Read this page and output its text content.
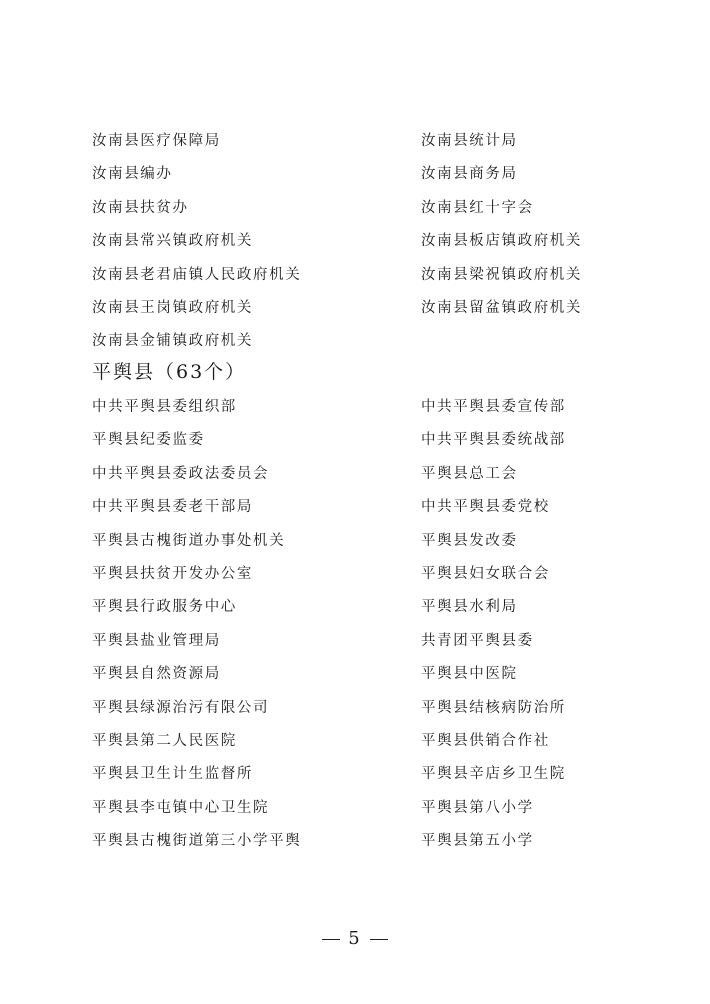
汝南县医疗保障局	汝南县统计局
汝南县编办	汝南县商务局
汝南县扶贫办	汝南县红十字会
汝南县常兴镇政府机关	汝南县板店镇政府机关
汝南县老君庙镇人民政府机关	汝南县梁祝镇政府机关
汝南县王岗镇政府机关	汝南县留盆镇政府机关
汝南县金铺镇政府机关
平舆县（63个）
中共平舆县委组织部	中共平舆县委宣传部
平舆县纪委监委	中共平舆县委统战部
中共平舆县委政法委员会	平舆县总工会
中共平舆县委老干部局	中共平舆县委党校
平舆县古槐街道办事处机关	平舆县发改委
平舆县扶贫开发办公室	平舆县妇女联合会
平舆县行政服务中心	平舆县水利局
平舆县盐业管理局	共青团平舆县委
平舆县自然资源局	平舆县中医院
平舆县绿源治污有限公司	平舆县结核病防治所
平舆县第二人民医院	平舆县供销合作社
平舆县卫生计生监督所	平舆县辛店乡卫生院
平舆县李屯镇中心卫生院	平舆县第八小学
平舆县古槐街道第三小学平舆	平舆县第五小学
5
